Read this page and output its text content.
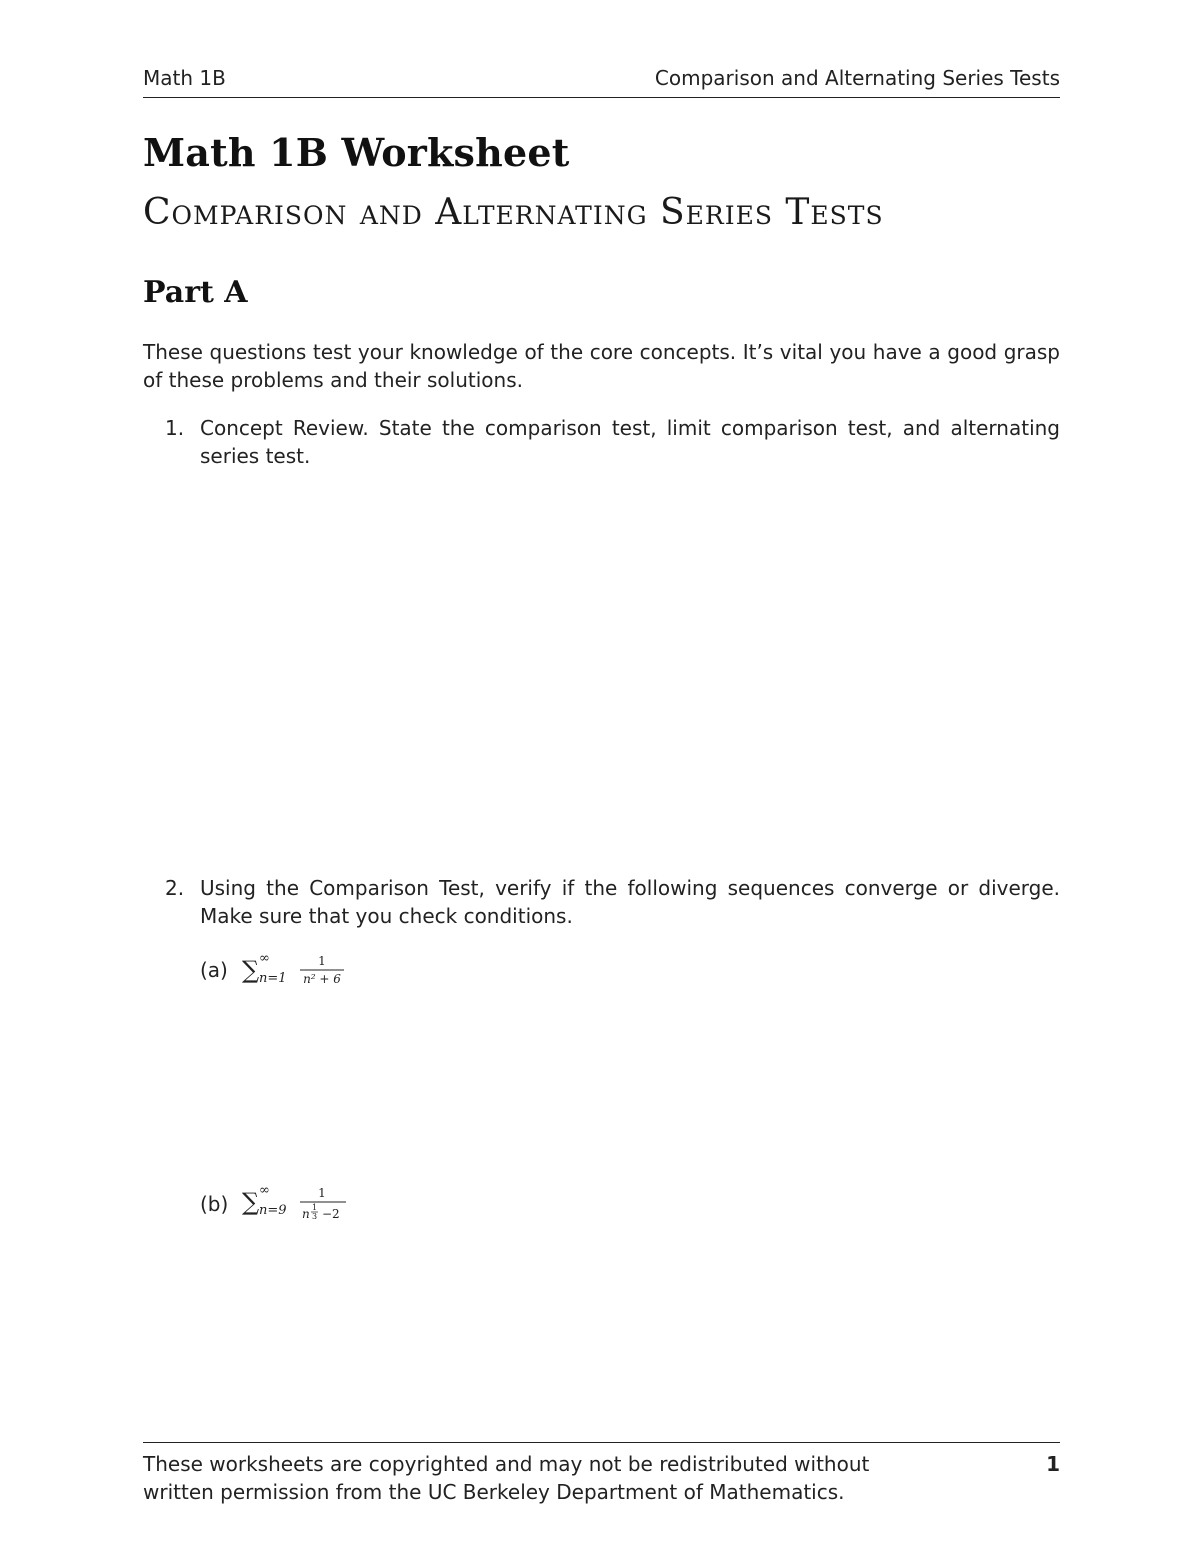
Math 1B	Comparison and Alternating Series Tests
Math 1B Worksheet
Comparison and Alternating Series Tests
Part A
These questions test your knowledge of the core concepts. It’s vital you have a good grasp of these problems and their solutions.
1. Concept Review. State the comparison test, limit comparison test, and alternating series test.
2. Using the Comparison Test, verify if the following sequences converge or diverge. Make sure that you check conditions.
(a) ∑ ∞
n=1
1
n² + 6
(b) ∑ ∞
n=9
1
n 1
3 −2
These worksheets are copyrighted and may not be redistributed without
written permission from the UC Berkeley Department of Mathematics.
1
